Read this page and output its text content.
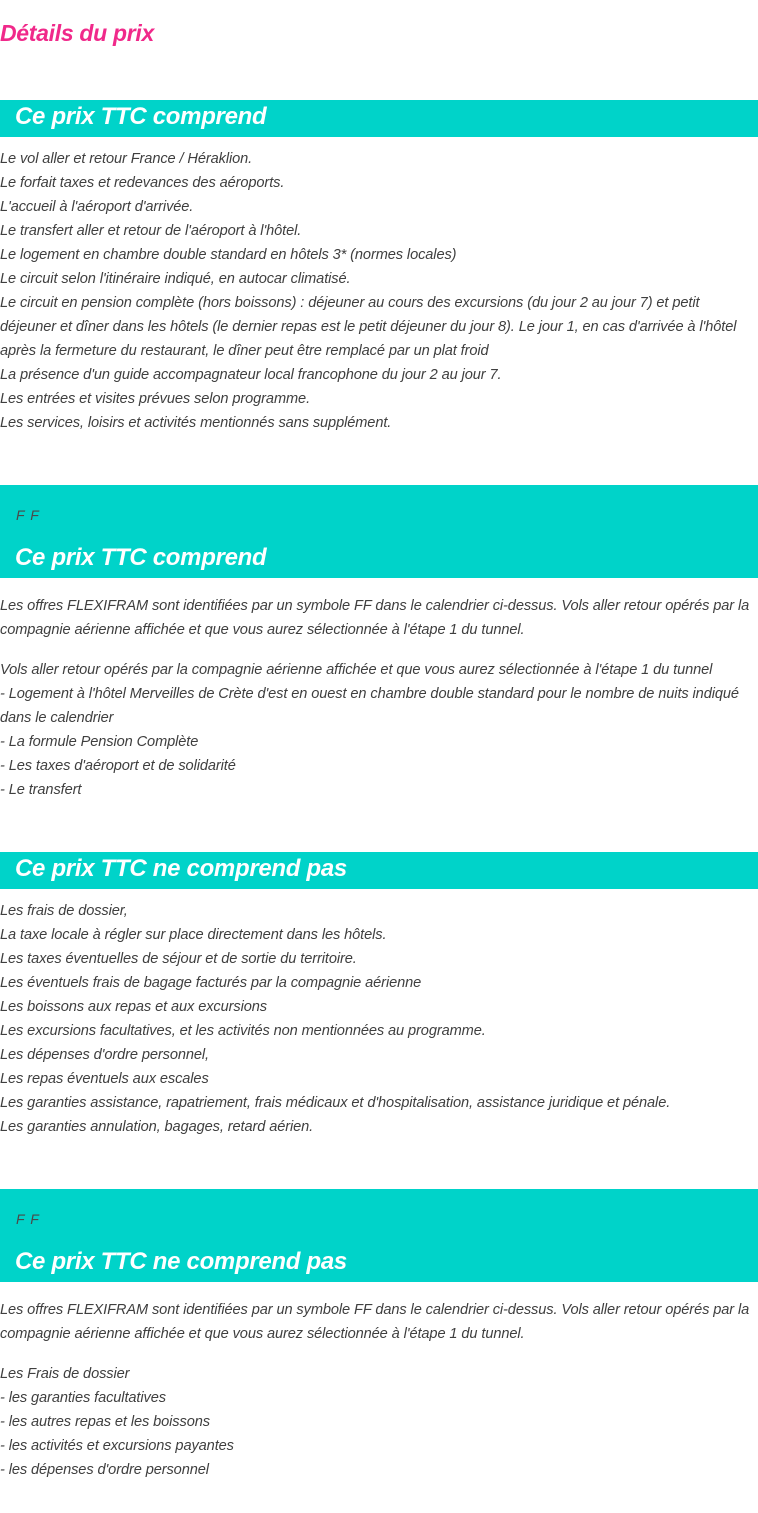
Détails du prix
Ce prix TTC comprend
Le vol aller et retour France / Héraklion.
Le forfait taxes et redevances des aéroports.
L'accueil à l'aéroport d'arrivée.
Le transfert aller et retour de l'aéroport à l'hôtel.
Le logement en chambre double standard en hôtels 3* (normes locales)
Le circuit selon l'itinéraire indiqué, en autocar climatisé.
Le circuit en pension complète (hors boissons) : déjeuner au cours des excursions (du jour 2 au jour 7) et petit déjeuner et dîner dans les hôtels (le dernier repas est le petit déjeuner du jour 8). Le jour 1, en cas d'arrivée à l'hôtel après la fermeture du restaurant, le dîner peut être remplacé par un plat froid
La présence d'un guide accompagnateur local francophone du jour 2 au jour 7.
Les entrées et visites prévues selon programme.
Les services, loisirs et activités mentionnés sans supplément.
F F
Ce prix TTC comprend

Les offres FLEXIFRAM sont identifiées par un symbole FF dans le calendrier ci-dessus. Vols aller retour opérés par la compagnie aérienne affichée et que vous aurez sélectionnée à l'étape 1 du tunnel.

Vols aller retour opérés par la compagnie aérienne affichée et que vous aurez sélectionnée à l'étape 1 du tunnel
- Logement à l'hôtel Merveilles de Crète d'est en ouest en chambre double standard pour le nombre de nuits indiqué dans le calendrier
- La formule Pension Complète
- Les taxes d'aéroport et de solidarité
- Le transfert
Ce prix TTC ne comprend pas
Les frais de dossier,
La taxe locale à régler sur place directement dans les hôtels.
Les taxes éventuelles de séjour et de sortie du territoire.
Les éventuels frais de bagage facturés par la compagnie aérienne
Les boissons aux repas et aux excursions
Les excursions facultatives, et les activités non mentionnées au programme.
Les dépenses d'ordre personnel,
Les repas éventuels aux escales
Les garanties assistance, rapatriement, frais médicaux et d'hospitalisation, assistance juridique et pénale.
Les garanties annulation, bagages, retard aérien.
F F
Ce prix TTC ne comprend pas

Les offres FLEXIFRAM sont identifiées par un symbole FF dans le calendrier ci-dessus. Vols aller retour opérés par la compagnie aérienne affichée et que vous aurez sélectionnée à l'étape 1 du tunnel.

Les Frais de dossier
- les garanties facultatives
- les autres repas et les boissons
- les activités et excursions payantes
- les dépenses d'ordre personnel
